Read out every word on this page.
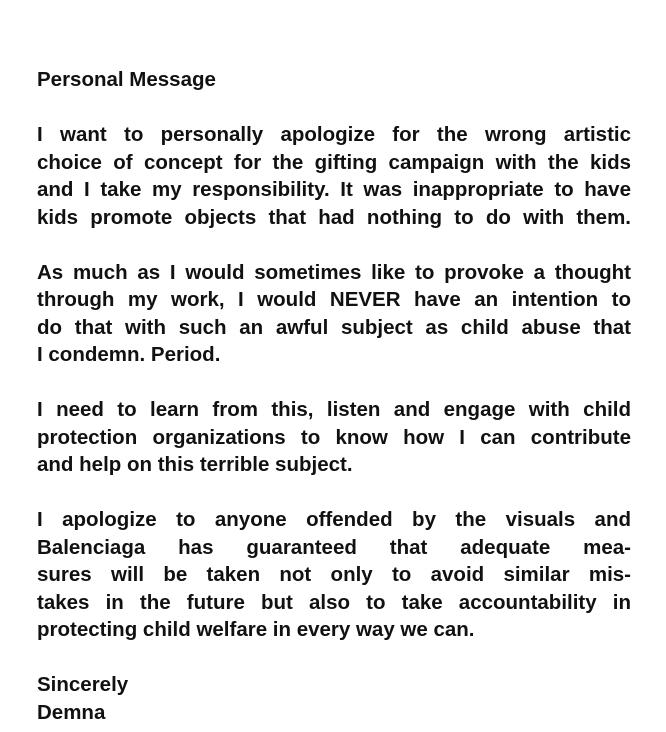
Personal Message
I want to personally apologize for the wrong artistic
choice of concept for the gifting campaign with the kids
and I take my responsibility. It was inappropriate to have
kids promote objects that had nothing to do with them.
As much as I would sometimes like to provoke a thought
through my work, I would NEVER have an intention to
do that with such an awful subject as child abuse that
I condemn. Period.
I need to learn from this, listen and engage with child
protection organizations to know how I can contribute
and help on this terrible subject.
I apologize to anyone offended by the visuals and
Balenciaga has guaranteed that adequate mea-
sures will be taken not only to avoid similar mis-
takes in the future but also to take accountability in
protecting child welfare in every way we can.
Sincerely
Demna
